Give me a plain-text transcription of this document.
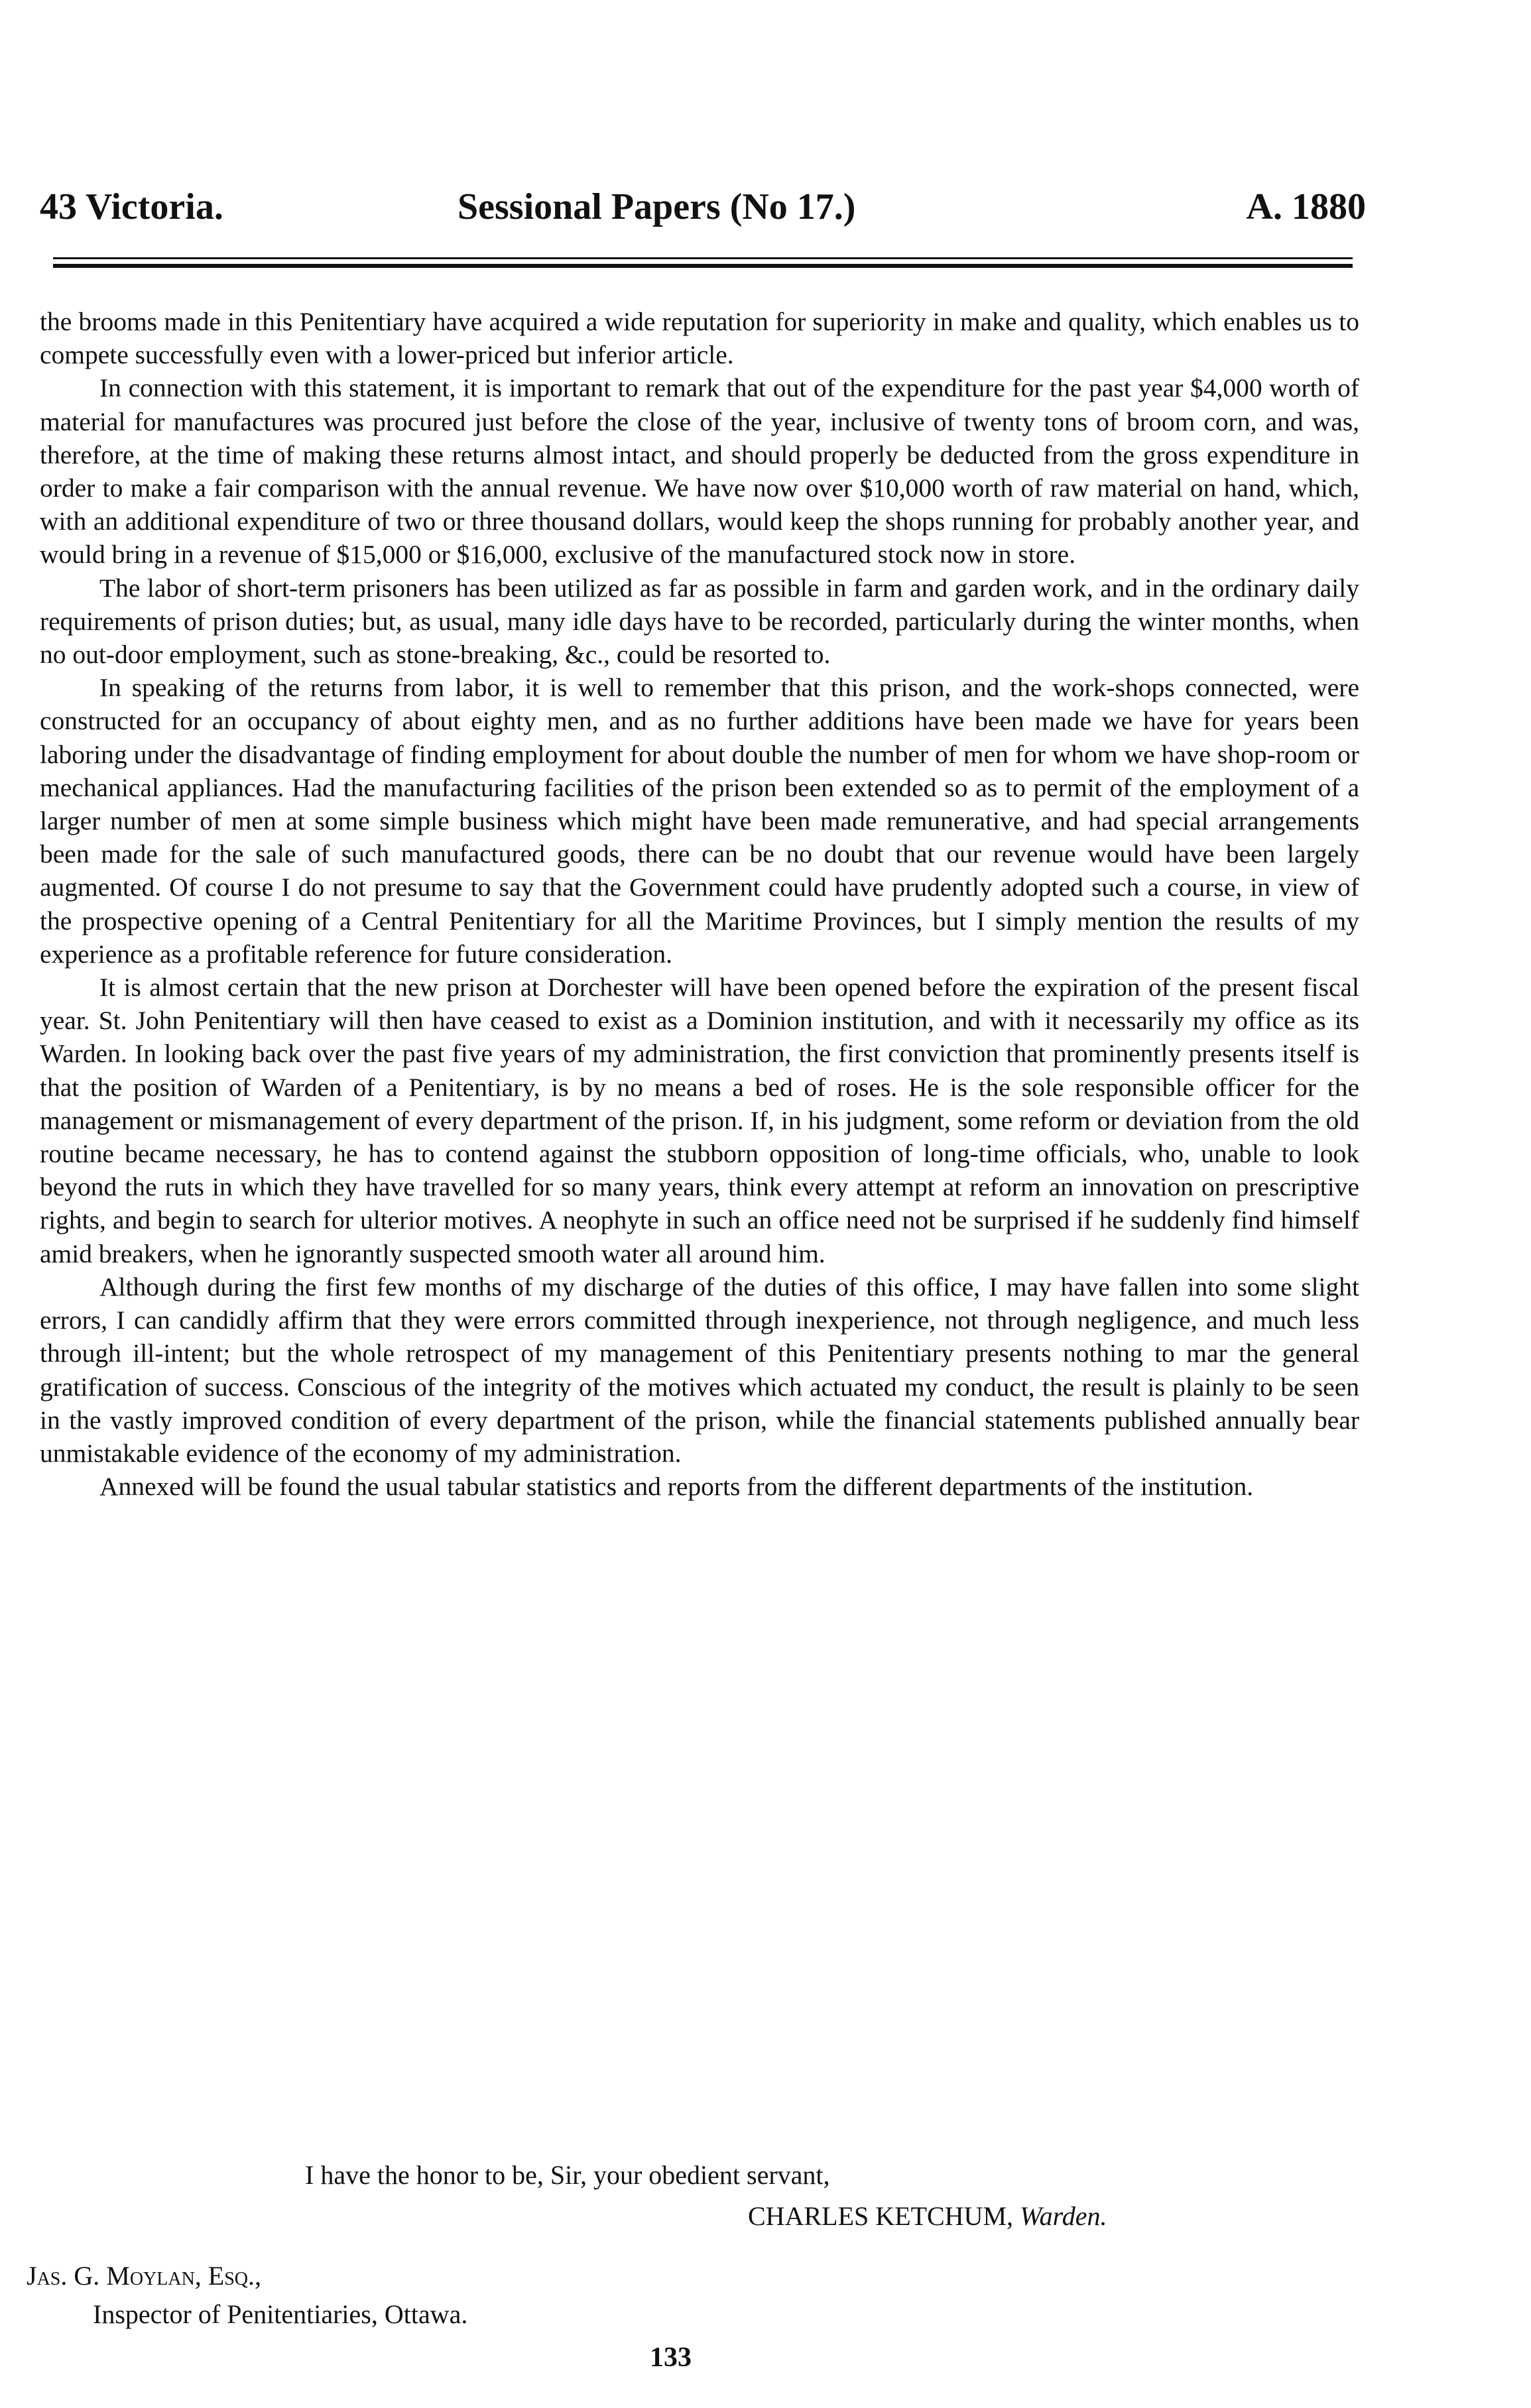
43 Victoria.	Sessional Papers (No 17.)	A. 1880

the brooms made in this Penitentiary have acquired a wide reputation for superiority in make and quality, which enables us to compete successfully even with a lower-priced but inferior article.

In connection with this statement, it is important to remark that out of the expenditure for the past year $4,000 worth of material for manufactures was procured just before the close of the year, inclusive of twenty tons of broom corn, and was, therefore, at the time of making these returns almost intact, and should properly be deducted from the gross expenditure in order to make a fair comparison with the annual revenue. We have now over $10,000 worth of raw material on hand, which, with an additional expenditure of two or three thousand dollars, would keep the shops running for probably another year, and would bring in a revenue of $15,000 or $16,000, exclusive of the manufactured stock now in store.

The labor of short-term prisoners has been utilized as far as possible in farm and garden work, and in the ordinary daily requirements of prison duties; but, as usual, many idle days have to be recorded, particularly during the winter months, when no out-door employment, such as stone-breaking, &c., could be resorted to.

In speaking of the returns from labor, it is well to remember that this prison, and the work-shops connected, were constructed for an occupancy of about eighty men, and as no further additions have been made we have for years been laboring under the disadvantage of finding employment for about double the number of men for whom we have shop-room or mechanical appliances. Had the manufacturing facilities of the prison been extended so as to permit of the employment of a larger number of men at some simple business which might have been made remunerative, and had special arrangements been made for the sale of such manufactured goods, there can be no doubt that our revenue would have been largely augmented. Of course I do not presume to say that the Government could have prudently adopted such a course, in view of the prospective opening of a Central Penitentiary for all the Maritime Provinces, but I simply mention the results of my experience as a profitable reference for future consideration.

It is almost certain that the new prison at Dorchester will have been opened before the expiration of the present fiscal year. St. John Penitentiary will then have ceased to exist as a Dominion institution, and with it necessarily my office as its Warden. In looking back over the past five years of my administration, the first conviction that prominently presents itself is that the position of Warden of a Penitentiary, is by no means a bed of roses. He is the sole responsible officer for the management or mismanagement of every department of the prison. If, in his judgment, some reform or deviation from the old routine became necessary, he has to contend against the stubborn opposition of long-time officials, who, unable to look beyond the ruts in which they have travelled for so many years, think every attempt at reform an innovation on prescriptive rights, and begin to search for ulterior motives. A neophyte in such an office need not be surprised if he suddenly find himself amid breakers, when he ignorantly suspected smooth water all around him.

Although during the first few months of my discharge of the duties of this office, I may have fallen into some slight errors, I can candidly affirm that they were errors committed through inexperience, not through negligence, and much less through ill-intent; but the whole retrospect of my management of this Penitentiary presents nothing to mar the general gratification of success. Conscious of the integrity of the motives which actuated my conduct, the result is plainly to be seen in the vastly improved condition of every department of the prison, while the financial statements published annually bear unmistakable evidence of the economy of my administration.

Annexed will be found the usual tabular statistics and reports from the different departments of the institution.

I have the honor to be, Sir, your obedient servant,
CHARLES KETCHUM, Warden.
Jas. G. Moylan, Esq.,
Inspector of Penitentiaries, Ottawa.
133
